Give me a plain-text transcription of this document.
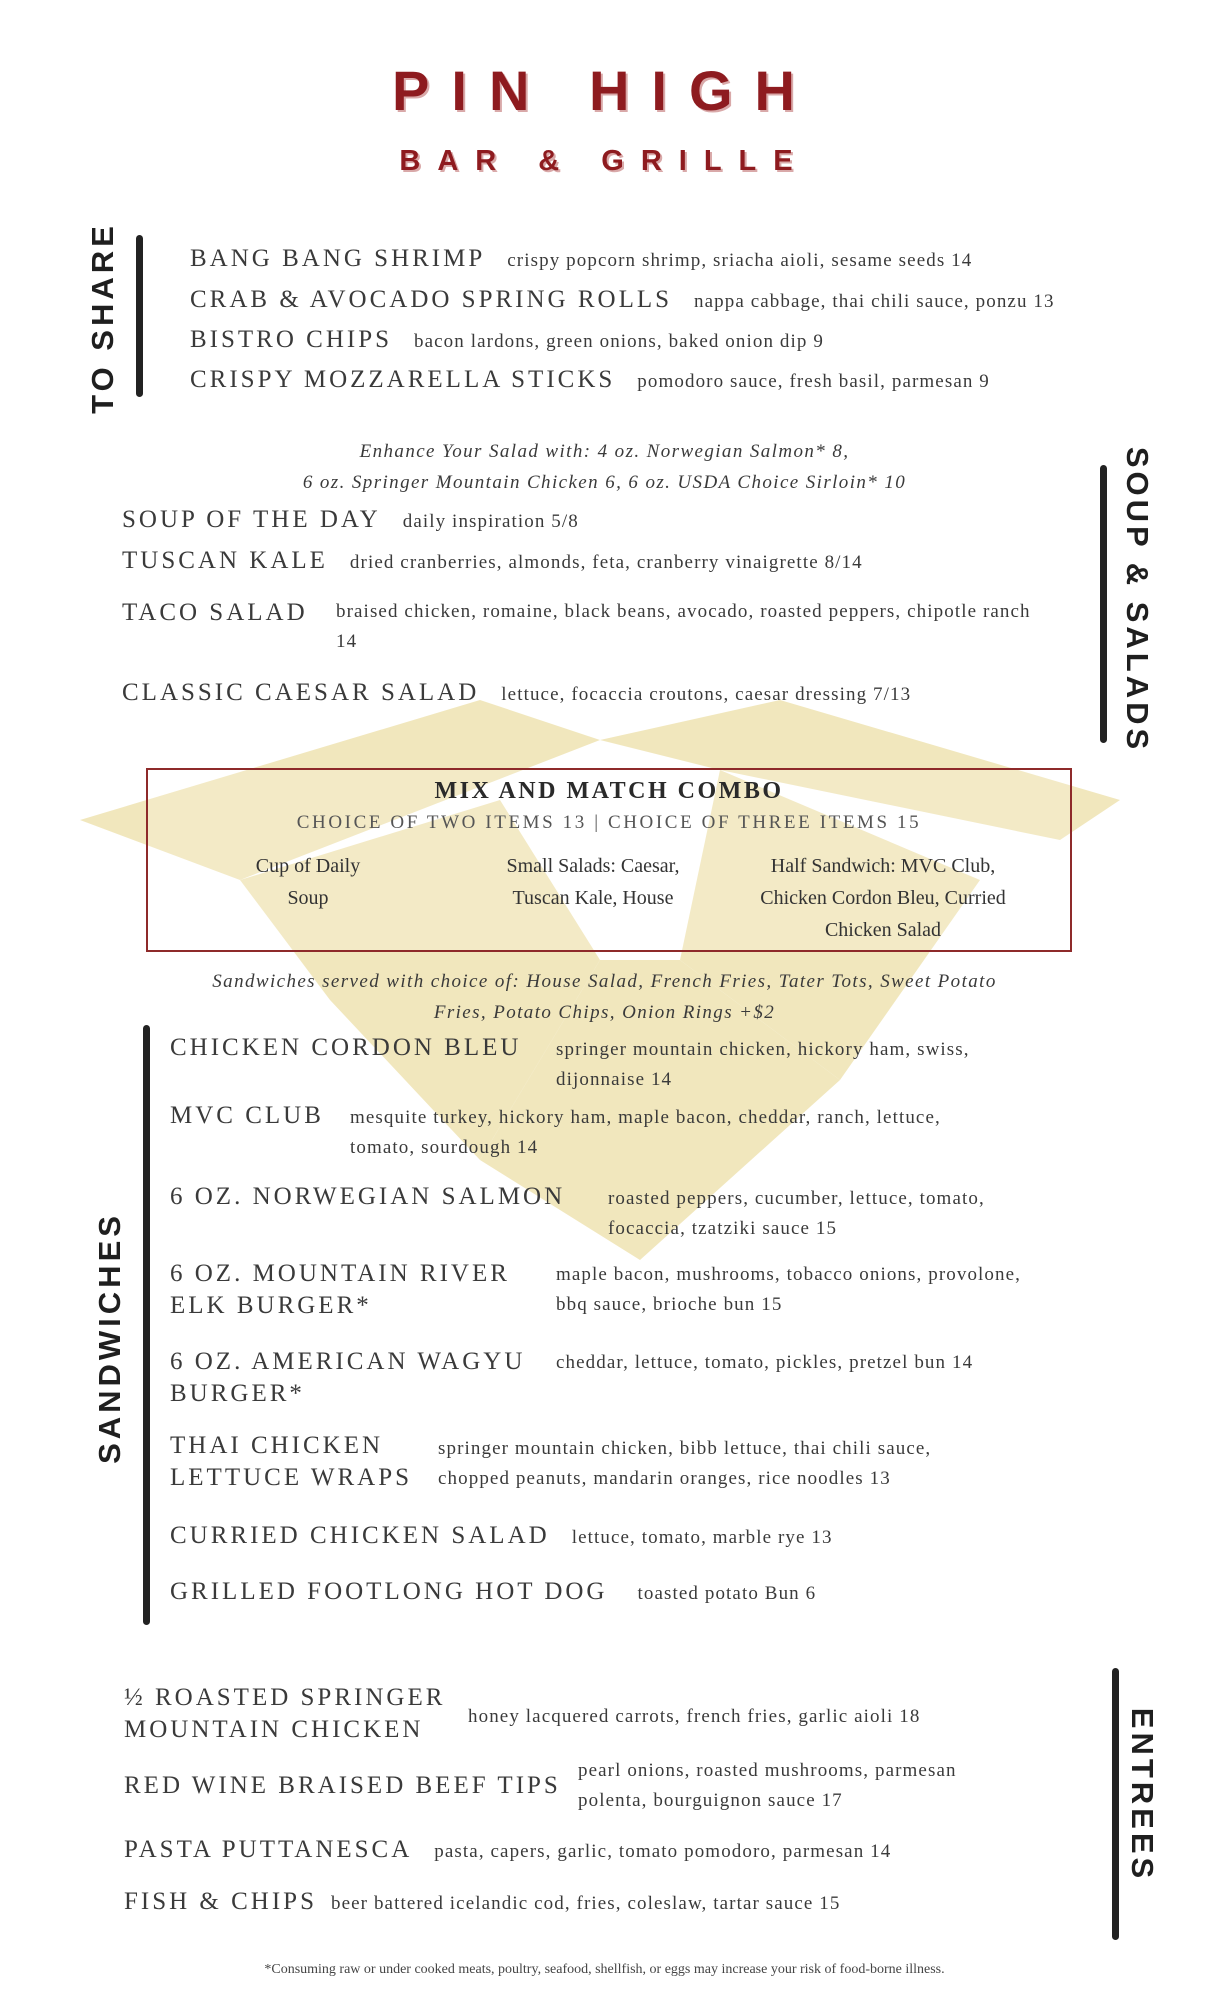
PIN HIGH
BAR & GRILLE
TO SHARE	BANG BANG SHRIMP crispy popcorn shrimp, sriacha aioli, sesame seeds 14
CRAB & AVOCADO SPRING ROLLS nappa cabbage, thai chili sauce, ponzu 13
BISTRO CHIPS bacon lardons, green onions, baked onion dip 9
CRISPY MOZZARELLA STICKS pomodoro sauce, fresh basil, parmesan 9
Enhance Your Salad with: 4 oz. Norwegian Salmon* 8,
6 oz. Springer Mountain Chicken 6, 6 oz. USDA Choice Sirloin* 10	SOUP & SALADS
SOUP OF THE DAY daily inspiration 5/8
TUSCAN KALE dried cranberries, almonds, feta, cranberry vinaigrette 8/14
TACO SALAD braised chicken, romaine, black beans, avocado, roasted peppers, chipotle ranch 14
CLASSIC CAESAR SALAD lettuce, focaccia croutons, caesar dressing 7/13
MIX AND MATCH COMBO
CHOICE OF TWO ITEMS 13 | CHOICE OF THREE ITEMS 15
Cup of Daily
Soup
Small Salads: Caesar,
Tuscan Kale, House
Half Sandwich: MVC Club,
Chicken Cordon Bleu, Curried
Chicken Salad
Sandwiches served with choice of: House Salad, French Fries, Tater Tots, Sweet Potato
Fries, Potato Chips, Onion Rings +$2
SANDWICHES
CHICKEN CORDON BLEU springer mountain chicken, hickory ham, swiss,
dijonnaise 14
MVC CLUB mesquite turkey, hickory ham, maple bacon, cheddar, ranch, lettuce,
tomato, sourdough 14
6 OZ. NORWEGIAN SALMON roasted peppers, cucumber, lettuce, tomato,
focaccia, tzatziki sauce 15
6 OZ. MOUNTAIN RIVER
ELK BURGER*
maple bacon, mushrooms, tobacco onions, provolone,
bbq sauce, brioche bun 15
6 OZ. AMERICAN WAGYU
BURGER*
cheddar, lettuce, tomato, pickles, pretzel bun 14
THAI CHICKEN
LETTUCE WRAPS
springer mountain chicken, bibb lettuce, thai chili sauce,
chopped peanuts, mandarin oranges, rice noodles 13
CURRIED CHICKEN SALAD lettuce, tomato, marble rye 13
GRILLED FOOTLONG HOT DOG toasted potato Bun 6
ENTREES
½ ROASTED SPRINGER
MOUNTAIN CHICKEN	honey lacquered carrots, french fries, garlic aioli 18
RED WINE BRAISED BEEF TIPS
pearl onions, roasted mushrooms, parmesan
polenta, bourguignon sauce 17
PASTA PUTTANESCA pasta, capers, garlic, tomato pomodoro, parmesan 14
FISH & CHIPS beer battered icelandic cod, fries, coleslaw, tartar sauce 15
*Consuming raw or under cooked meats, poultry, seafood, shellfish, or eggs may increase your risk of food-borne illness.
